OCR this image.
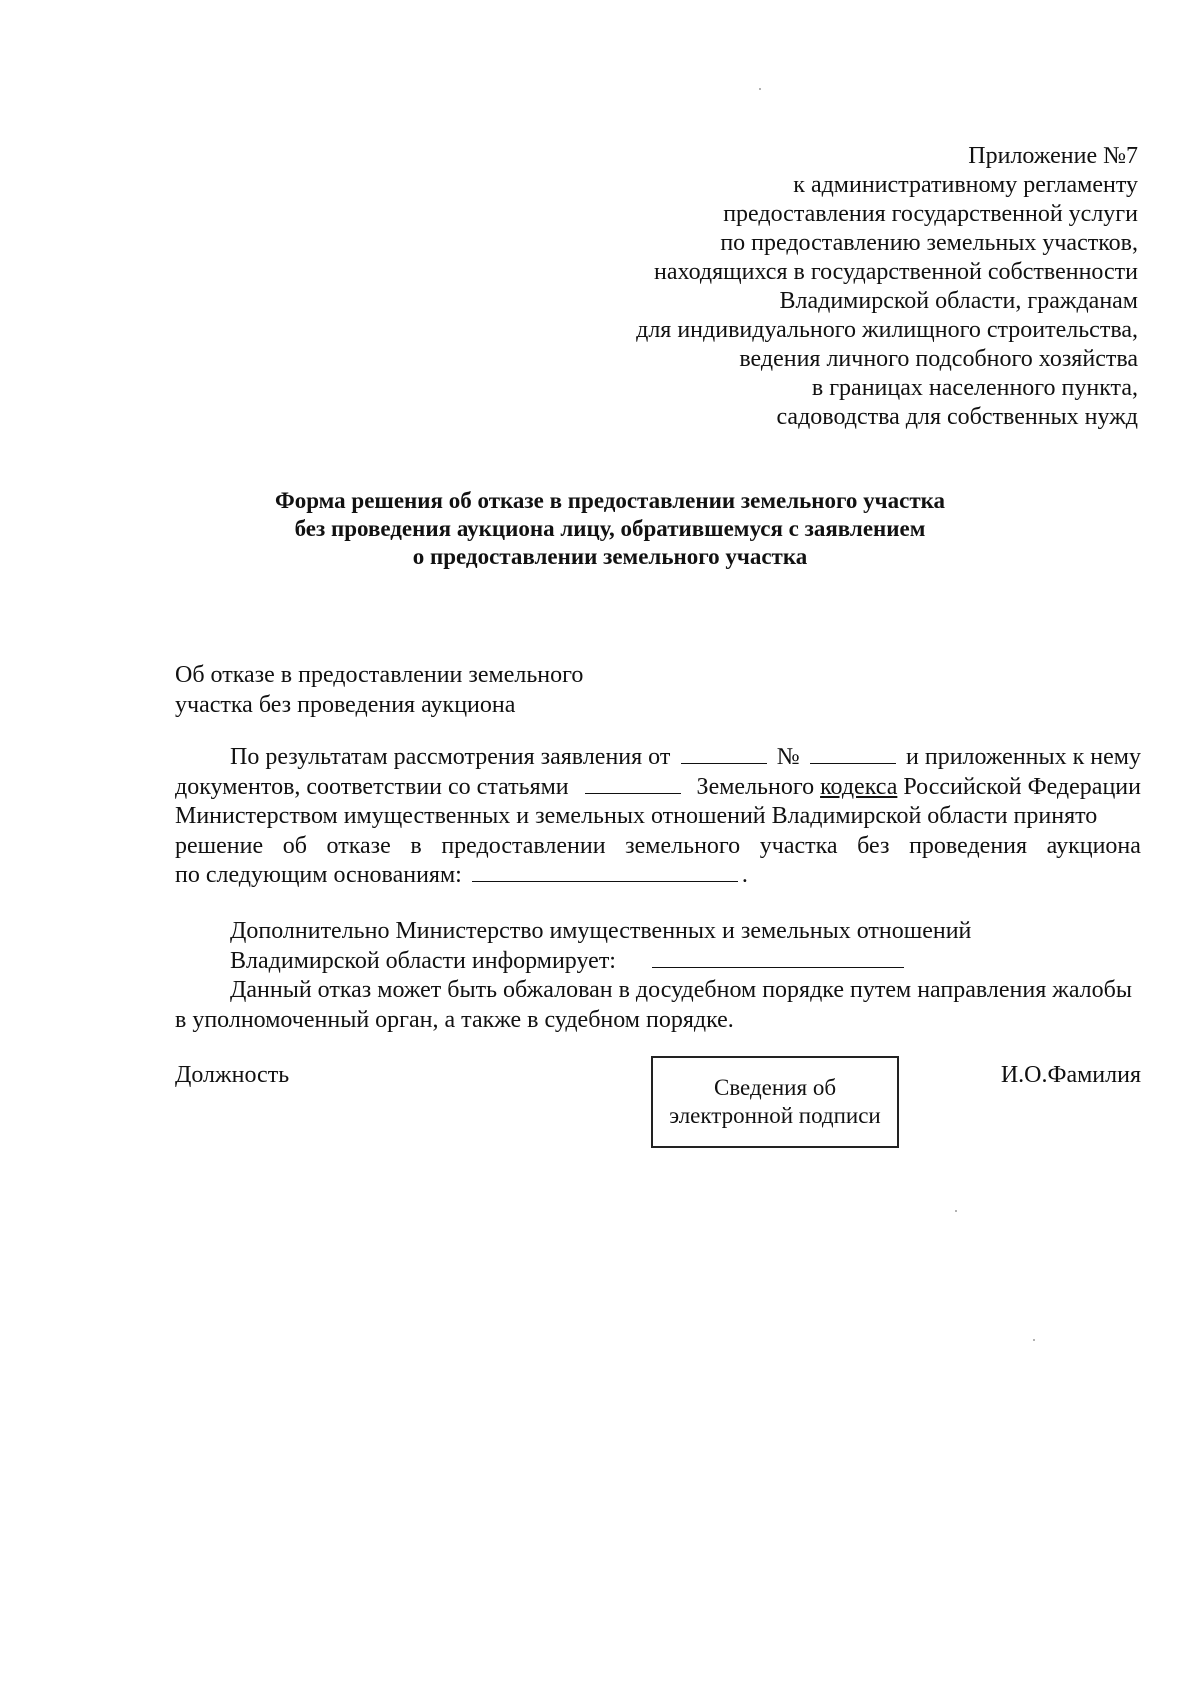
Приложение №7
к административному регламенту
предоставления государственной услуги
по предоставлению земельных участков,
находящихся в государственной собственности
Владимирской области, гражданам
для индивидуального жилищного строительства,
ведения личного подсобного хозяйства
в границах населенного пункта,
садоводства для собственных нужд
Форма решения об отказе в предоставлении земельного участка
без проведения аукциона лицу, обратившемуся с заявлением
о предоставлении земельного участка
Об отказе в предоставлении земельного
участка без проведения аукциона
По результатам рассмотрения заявления от	№	и приложенных к нему
документов, соответствии со статьями	Земельного кодекса Российской Федерации
Министерством имущественных и земельных отношений Владимирской области принято
решение об отказе в предоставлении земельного участка без проведения аукциона
по следующим основаниям:	.
Дополнительно Министерство имущественных и земельных отношений
Владимирской области информирует:
Данный отказ может быть обжалован в досудебном порядке путем направления жалобы
в уполномоченный орган, а также в судебном порядке.
Должность	Сведения об
электронной подписи
И.О.Фамилия
